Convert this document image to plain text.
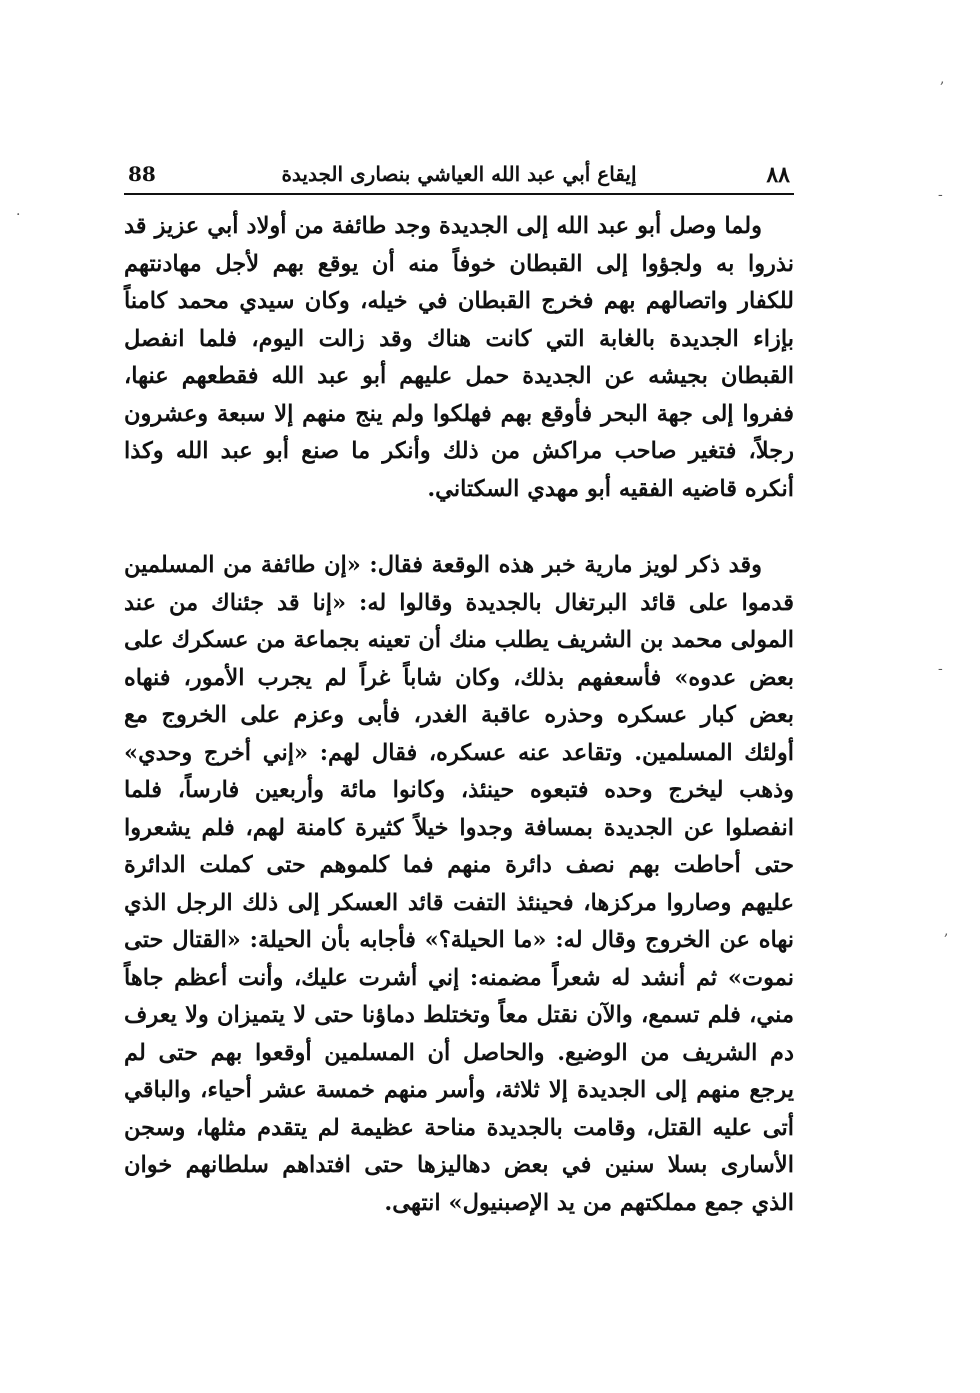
٨٨
إيقاع أبي عبد الله العياشي بنصارى الجديدة
88

ولما وصل أبو عبد الله إلى الجديدة وجد طائفة من أولاد أبي عزيز قد نذروا به ولجؤوا إلى القبطان خوفاً منه أن يوقع بهم لأجل مهادنتهم للكفار واتصالهم بهم فخرج القبطان في خيله، وكان سيدي محمد كامناً بإزاء الجديدة بالغابة التي كانت هناك وقد زالت اليوم، فلما انفصل القبطان بجيشه عن الجديدة حمل عليهم أبو عبد الله فقطعهم عنها، ففروا إلى جهة البحر فأوقع بهم فهلكوا ولم ينج منهم إلا سبعة وعشرون رجلاً، فتغير صاحب مراكش من ذلك وأنكر ما صنع أبو عبد الله وكذا أنكره قاضيه الفقيه أبو مهدي السكتاني.

وقد ذكر لويز مارية خبر هذه الوقعة فقال: «إن طائفة من المسلمين قدموا على قائد البرتغال بالجديدة وقالوا له: «إنا قد جئناك من عند المولى محمد بن الشريف يطلب منك أن تعينه بجماعة من عسكرك على بعض عدوه» فأسعفهم بذلك، وكان شاباً غراً لم يجرب الأمور، فنهاه بعض كبار عسكره وحذره عاقبة الغدر، فأبى وعزم على الخروج مع أولئك المسلمين. وتقاعد عنه عسكره، فقال لهم: «إني أخرج وحدي» وذهب ليخرج وحده فتبعوه حينئذ، وكانوا مائة وأربعين فارساً، فلما انفصلوا عن الجديدة بمسافة وجدوا خيلاً كثيرة كامنة لهم، فلم يشعروا حتى أحاطت بهم نصف دائرة منهم فما كلموهم حتى كملت الدائرة عليهم وصاروا مركزها، فحينئذ التفت قائد العسكر إلى ذلك الرجل الذي نهاه عن الخروج وقال له: «ما الحيلة؟» فأجابه بأن الحيلة: «القتال حتى نموت» ثم أنشد له شعراً مضمنه: إني أشرت عليك، وأنت أعظم جاهاً مني، فلم تسمع، والآن نقتل معاً وتختلط دماؤنا حتى لا يتميزان ولا يعرف دم الشريف من الوضيع. والحاصل أن المسلمين أوقعوا بهم حتى لم يرجع منهم إلى الجديدة إلا ثلاثة، وأسر منهم خمسة عشر أحياء، والباقي أتى عليه القتل، وقامت بالجديدة مناحة عظيمة لم يتقدم مثلها، وسجن الأسارى بسلا سنين في بعض دهاليزها حتى افتداهم سلطانهم خوان الذي جمع مملكتهم من يد الإصبنيول» انتهى.

,
-
·
-
,
